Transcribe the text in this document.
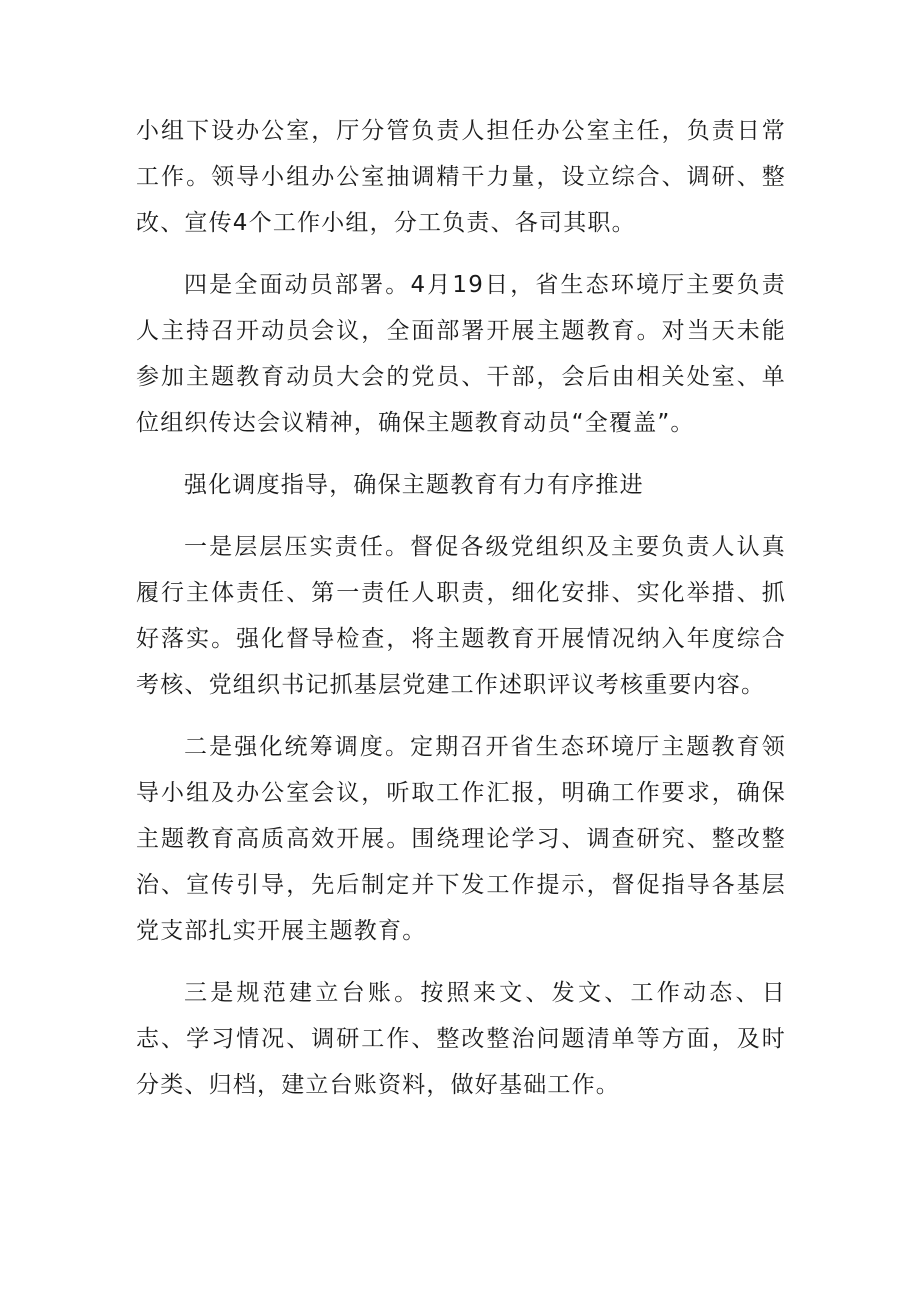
小组下设办公室，厅分管负责人担任办公室主任，负责日常工作。领导小组办公室抽调精干力量，设立综合、调研、整改、宣传4个工作小组，分工负责、各司其职。

四是全面动员部署。4月19日，省生态环境厅主要负责人主持召开动员会议，全面部署开展主题教育。对当天未能参加主题教育动员大会的党员、干部，会后由相关处室、单位组织传达会议精神，确保主题教育动员“全覆盖”。

强化调度指导，确保主题教育有力有序推进

一是层层压实责任。督促各级党组织及主要负责人认真履行主体责任、第一责任人职责，细化安排、实化举措、抓好落实。强化督导检查，将主题教育开展情况纳入年度综合考核、党组织书记抓基层党建工作述职评议考核重要内容。

二是强化统筹调度。定期召开省生态环境厅主题教育领导小组及办公室会议，听取工作汇报，明确工作要求，确保主题教育高质高效开展。围绕理论学习、调查研究、整改整治、宣传引导，先后制定并下发工作提示，督促指导各基层党支部扎实开展主题教育。

三是规范建立台账。按照来文、发文、工作动态、日志、学习情况、调研工作、整改整治问题清单等方面，及时分类、归档，建立台账资料，做好基础工作。
